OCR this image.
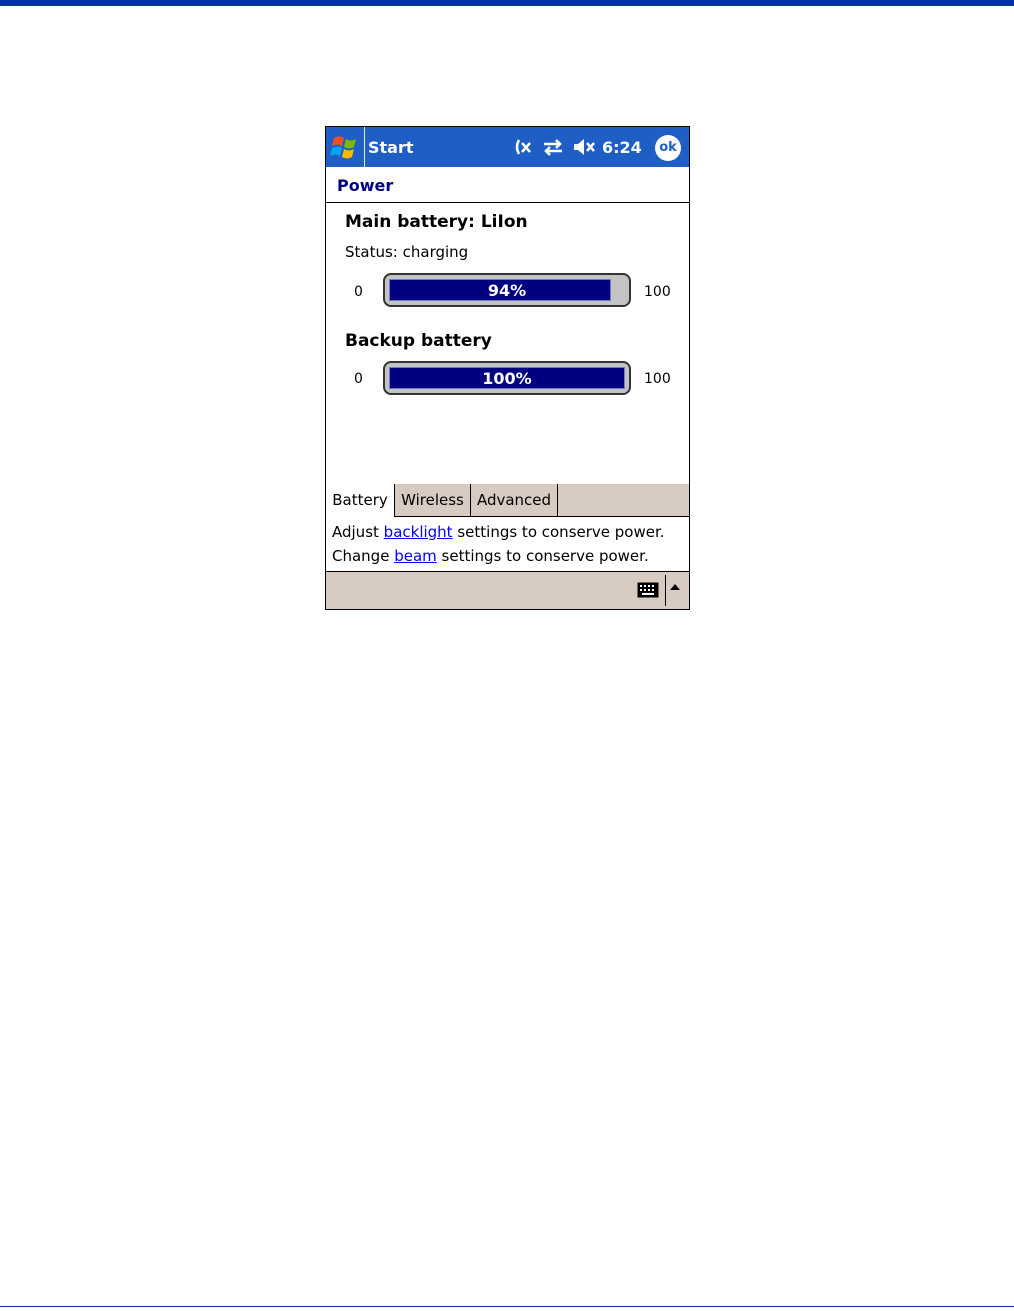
Start	6:24	ok
Power
Main battery: LiIon
Status: charging
0	94%	100
Backup battery
0	100%	100
Battery Wireless Advanced
Adjust backlight settings to conserve power.
Change beam settings to conserve power.
